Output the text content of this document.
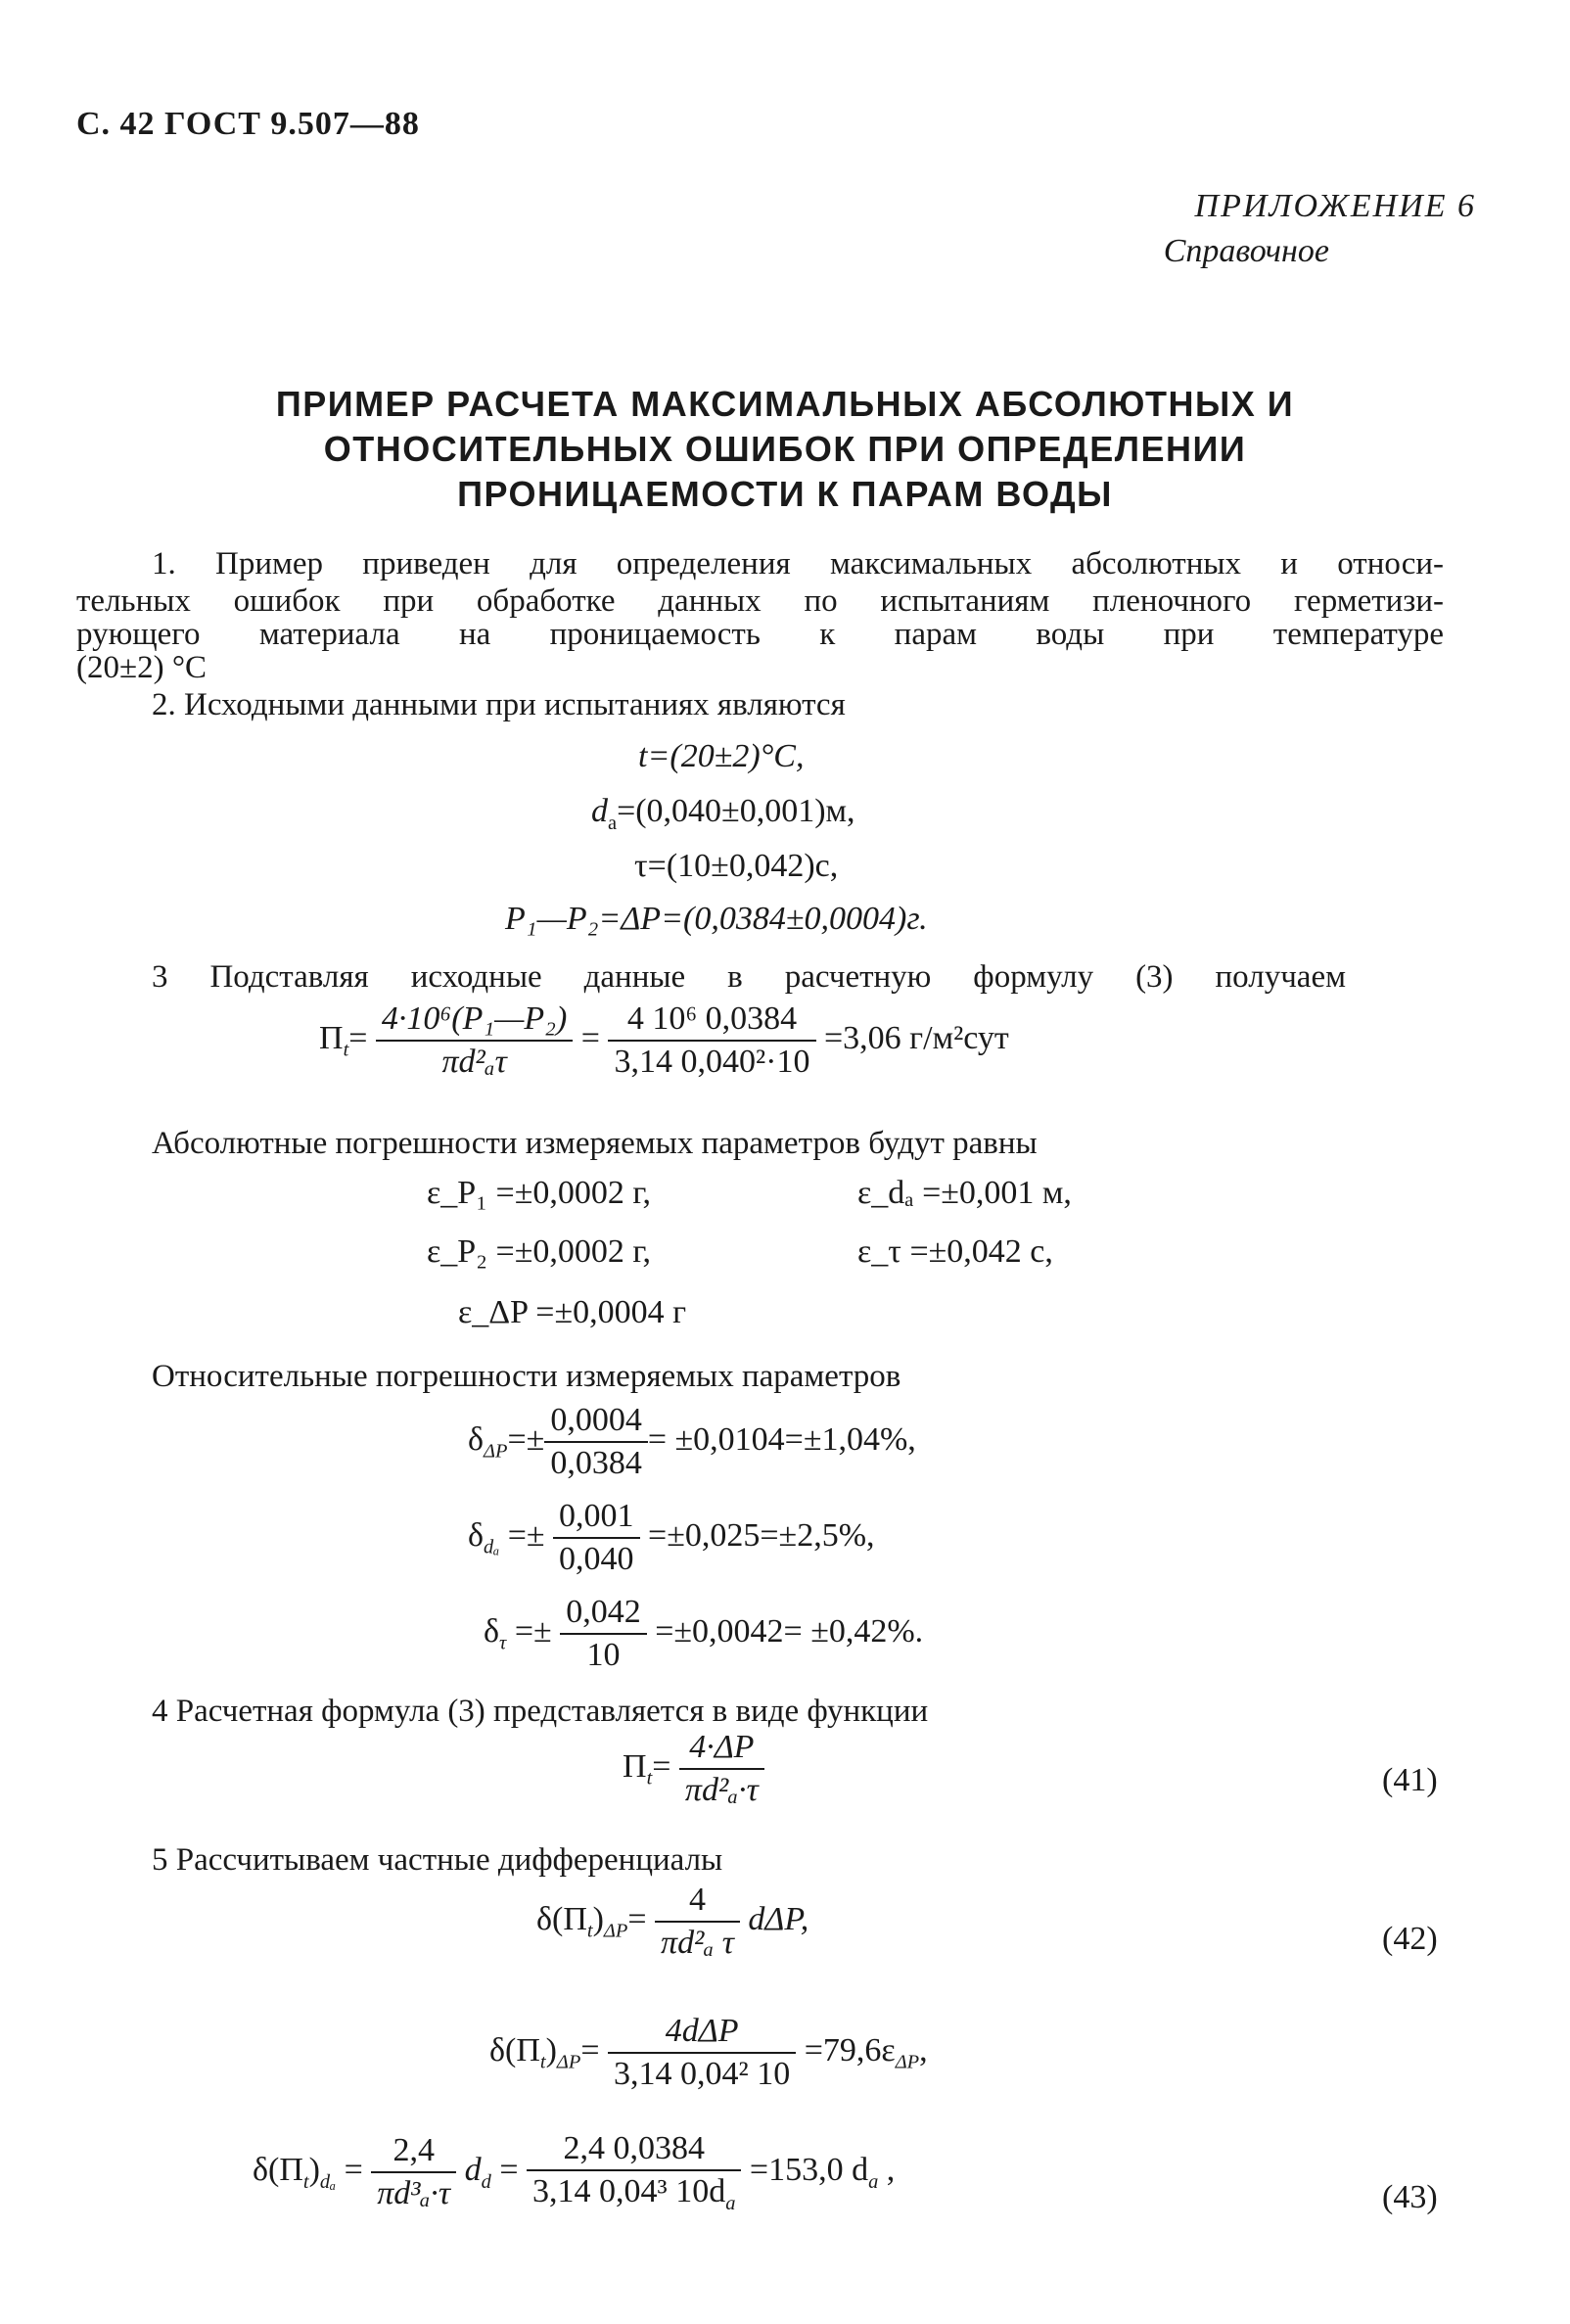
С. 42 ГОСТ 9.507—88
ПРИЛОЖЕНИЕ 6
Справочное
ПРИМЕР РАСЧЕТА МАКСИМАЛЬНЫХ АБСОЛЮТНЫХ И
ОТНОСИТЕЛЬНЫХ ОШИБОК ПРИ ОПРЕДЕЛЕНИИ
ПРОНИЦАЕМОСТИ К ПАРАМ ВОДЫ
1. Пример приведен для определения максимальных абсолютных и относи-
тельных ошибок при обработке данных по испытаниям пленочного герметизи-
рующего материала на проницаемость к парам воды при температуре
(20±2) °С
2. Исходными данными при испытаниях являются
t=(20±2)°C,
$d_a=(0,040\pm 0,001)м$,
τ=(10±0,042)с,
P₁—P₂=ΔP=(0,0384±0,0004)г.
3 Подставляя исходные данные в расчетную формулу (3) получаем
$П_t= \frac{\text{4·10⁶(P₁—P₂)}}{\text{πd²ₐτ}} = \frac{\text{4 10⁶ 0,0384}}{\text{3,14 0,040²·10}} =3,06$ г/м²сут
Абсолютные погрешности измеряемых параметров будут равны
ε_P₁ =±0,0002 г,	ε_dₐ =±0,001 м,
ε_P₂ =±0,0002 г,	ε_τ =±0,042 с,
ε_ΔP =±0,0004 г
Относительные погрешности измеряемых параметров
$\delta_{\Delta P}=\pm \frac{0,0004}{0,0384} = \pm 0,0104=\pm 1,04\%$,
$\delta_{d_a} =\pm \frac{0,001}{0,040} =\pm 0,025=\pm 2,5\%$,
$\delta_\tau =\pm \frac{0,042}{10} =\pm 0,0042= \pm 0,42\%$.
4 Расчетная формула (3) представляется в виде функции
$П_t= \frac{4\cdot\Delta P}{\text{πd²ₐ·τ}}$	(41)
5 Рассчитываем частные дифференциалы
$\delta(П_t)_{\Delta P}= \frac{4}{\text{πd²ₐ τ}} d\Delta P$,
(42)
$\delta(П_t)_{\Delta P}= \frac{\text{4dΔP}}{\text{3,14 0,04² 10}} =79,6\varepsilon_{\Delta P}$,
$\delta(П_t)_{d_a} = \frac{2,4}{\text{πd³ₐ·τ}} d_d = \frac{2,4 0,0384}{3,14 0,04^3 10d_a} =153,0$ $d_a$ ,
(43)
